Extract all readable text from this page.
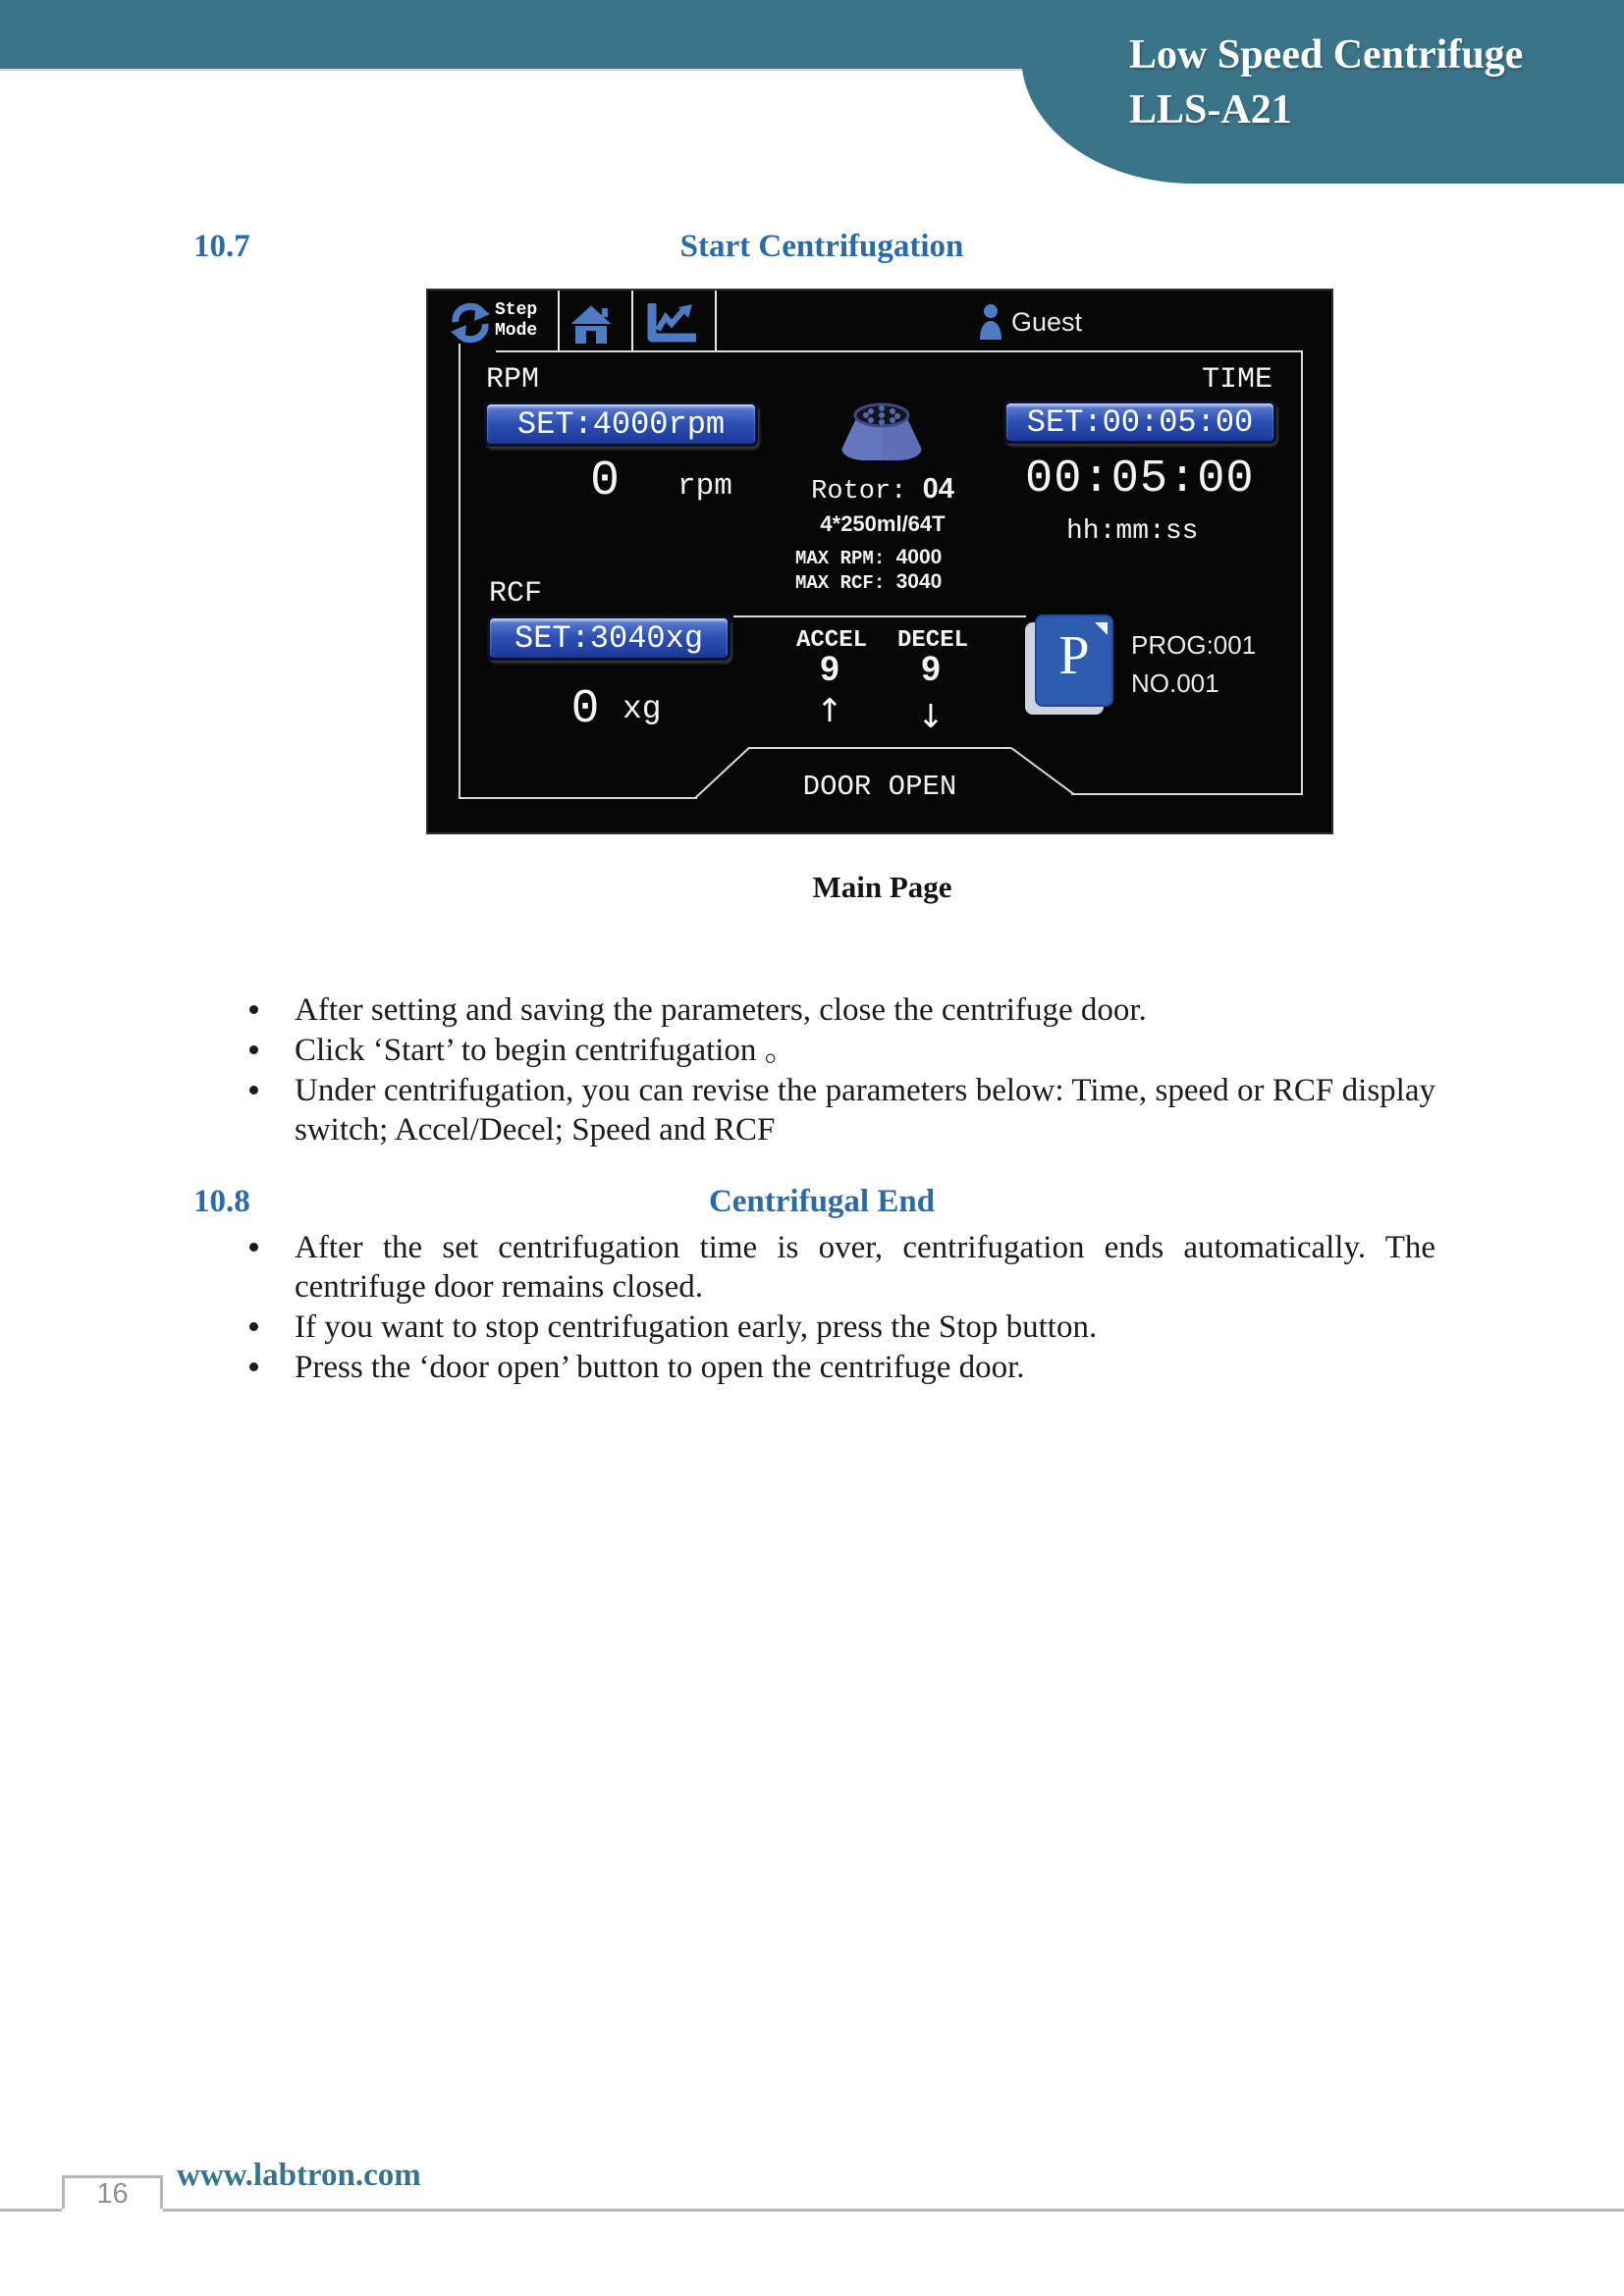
Low Speed Centrifuge
LLS-A21
10.7	Start Centrifugation
Step
Mode	Guest
RPM
SET:4000rpm
0	rpm
TIME
SET:00:05:00
00:05:00
hh:mm:ss
Rotor: 04
4*250ml/64T
MAX RPM: 4000
MAX RCF: 3040
RCF
SET:3040xg
0 xg
ACCEL DECEL
9	9
↑	↓
P	PROG:001
NO.001
DOOR OPEN
Main Page
After setting and saving the parameters, close the centrifuge door.
Click ‘Start’ to begin centrifugation 。
Under centrifugation, you can revise the parameters below: Time, speed or RCF display switch; Accel/Decel; Speed and RCF
10.8	Centrifugal End
After the set centrifugation time is over, centrifugation ends automatically. The centrifuge door remains closed.
If you want to stop centrifugation early, press the Stop button.
Press the ‘door open’ button to open the centrifuge door.
16
www.labtron.com
